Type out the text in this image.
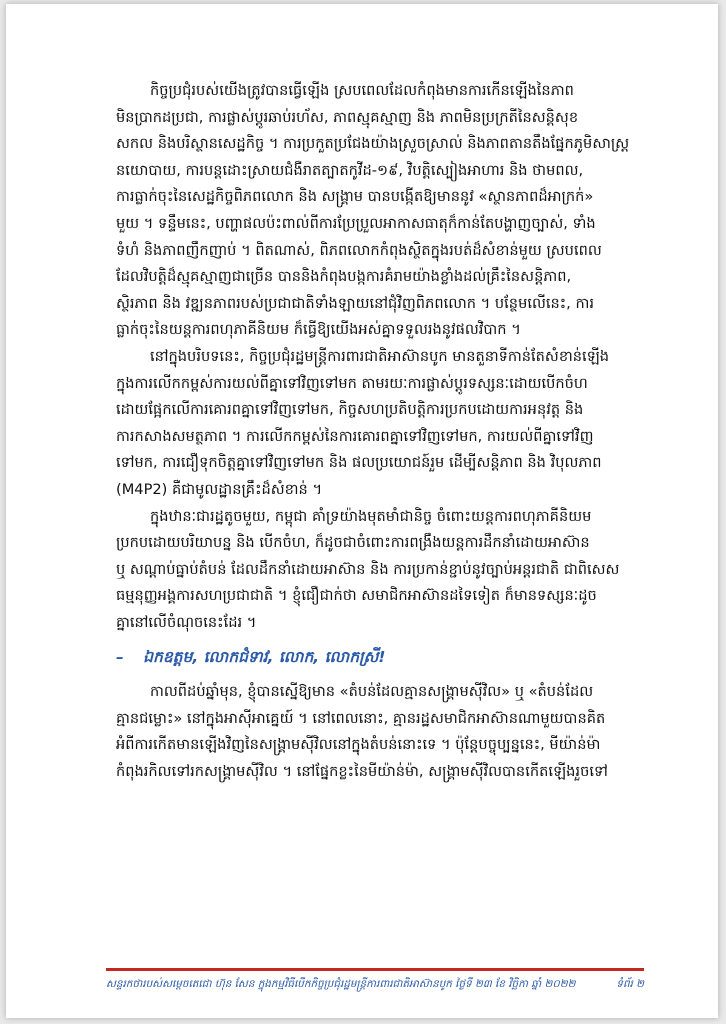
កិច្ចប្រជុំរបស់យើងត្រូវបានធ្វើឡើង ស្របពេលដែលកំពុងមានការកើនឡើងនៃភាព
មិនប្រាកដប្រជា, ការផ្លាស់ប្តូរឆាប់រហ័ស, ភាពស្មុគស្មាញ និង ភាពមិនប្រក្រតីនៃសន្តិសុខ
សកល និងបរិស្ថានសេដ្ឋកិច្ច ។ ការប្រកួតប្រជែងយ៉ាងស្រួចស្រាល់ និងភាពតានតឹងផ្នែកភូមិសាស្ត្រ
នយោបាយ, ការបន្តដោះស្រាយជំងឺរាតត្បាតកូវីដ-១៩, វិបត្តិស្បៀងអាហារ និង ថាមពល,
ការធ្លាក់ចុះនៃសេដ្ឋកិច្ចពិភពលោក និង សង្គ្រាម បានបង្កើតឱ្យមាននូវ «ស្ថានភាពដ៏អាក្រក់»
មួយ ។ ទន្ទឹមនេះ, បញ្ហាផលប៉ះពាល់ពីការប្រែប្រួលអាកាសធាតុក៏កាន់តែបង្ហាញច្បាស់, ទាំង
ទំហំ និងភាពញឹកញាប់ ។ ពិតណាស់, ពិភពលោកកំពុងស្ថិតក្នុងរបត់ដ៏សំខាន់មួយ ស្របពេល
ដែលវិបត្តិដ៏ស្មុគស្មាញជាច្រើន បាននិងកំពុងបង្កការគំរាមយ៉ាងខ្លាំងដល់គ្រឹះនៃសន្តិភាព,
ស្ថិរភាព និង វឌ្ឍនភាពរបស់ប្រជាជាតិទាំងឡាយនៅជុំវិញពិភពលោក ។ បន្ថែមលើនេះ, ការ
ធ្លាក់ចុះនៃយន្តការពហុភាគីនិយម ក៏ធ្វើឱ្យយើងអស់គ្នាទទួលរងនូវផលវិបាក ។
នៅក្នុងបរិបទនេះ, កិច្ចប្រជុំរដ្ឋមន្ត្រីការពារជាតិអាស៊ានបូក មានតួនាទីកាន់តែសំខាន់ឡើង
ក្នុងការលើកកម្ពស់ការយល់ពីគ្នាទៅវិញទៅមក តាមរយៈការផ្លាស់ប្តូរទស្សនៈដោយបើកចំហ
ដោយផ្អែកលើការគោរពគ្នាទៅវិញទៅមក, កិច្ចសហប្រតិបត្តិការប្រកបដោយការអនុវត្ត និង
ការកសាងសមត្ថភាព ។ ការលើកកម្ពស់នៃការគោរពគ្នាទៅវិញទៅមក, ការយល់ពីគ្នាទៅវិញ
ទៅមក, ការជឿទុកចិត្តគ្នាទៅវិញទៅមក និង ផលប្រយោជន៍រួម ដើម្បីសន្តិភាព និង វិបុលភាព
(M4P2) គឺជាមូលដ្ឋានគ្រឹះដ៏សំខាន់ ។
ក្នុងឋានៈជារដ្ឋតូចមួយ, កម្ពុជា គាំទ្រយ៉ាងមុតមាំជានិច្ច ចំពោះយន្តការពហុភាគីនិយម
ប្រកបដោយបរិយាបន្ន និង បើកចំហ, ក៏ដូចជាចំពោះការពង្រឹងយន្តការដឹកនាំដោយអាស៊ាន
ឬ សណ្តាប់ធ្នាប់តំបន់ ដែលដឹកនាំដោយអាស៊ាន និង ការប្រកាន់ខ្ជាប់នូវច្បាប់អន្តរជាតិ ជាពិសេស
ធម្មនុញ្ញអង្គការសហប្រជាជាតិ ។ ខ្ញុំជឿជាក់ថា សមាជិកអាស៊ានដទៃទៀត ក៏មានទស្សនៈដូច
គ្នានៅលើចំណុចនេះដែរ ។
– ឯកឧត្តម, លោកជំទាវ, លោក, លោកស្រី!
កាលពីដប់ឆ្នាំមុន, ខ្ញុំបានស្នើឱ្យមាន «តំបន់ដែលគ្មានសង្គ្រាមស៊ីវិល» ឬ «តំបន់ដែល
គ្មានជម្លោះ» នៅក្នុងអាស៊ីអាគ្នេយ៍ ។ នៅពេលនោះ, គ្មានរដ្ឋសមាជិកអាស៊ានណាមួយបានគិត
អំពីការកើតមានឡើងវិញនៃសង្គ្រាមស៊ីវិលនៅក្នុងតំបន់នោះទេ ។ ប៉ុន្តែបច្ចុប្បន្ននេះ, មីយ៉ាន់ម៉ា
កំពុងរកិលទៅរកសង្គ្រាមស៊ីវិល ។ នៅផ្នែកខ្លះនៃមីយ៉ាន់ម៉ា, សង្គ្រាមស៊ីវិលបានកើតឡើងរួចទៅ
សន្ទរកថារបស់សម្តេចតេជោ ហ៊ុន សែន ក្នុងកម្មវិធីបើកកិច្ចប្រជុំរដ្ឋមន្ត្រីការពារជាតិអាស៊ានបូក ថ្ងៃទី ២៣ ខែ វិច្ឆិកា ឆ្នាំ ២០២២	ទំព័រ ២
